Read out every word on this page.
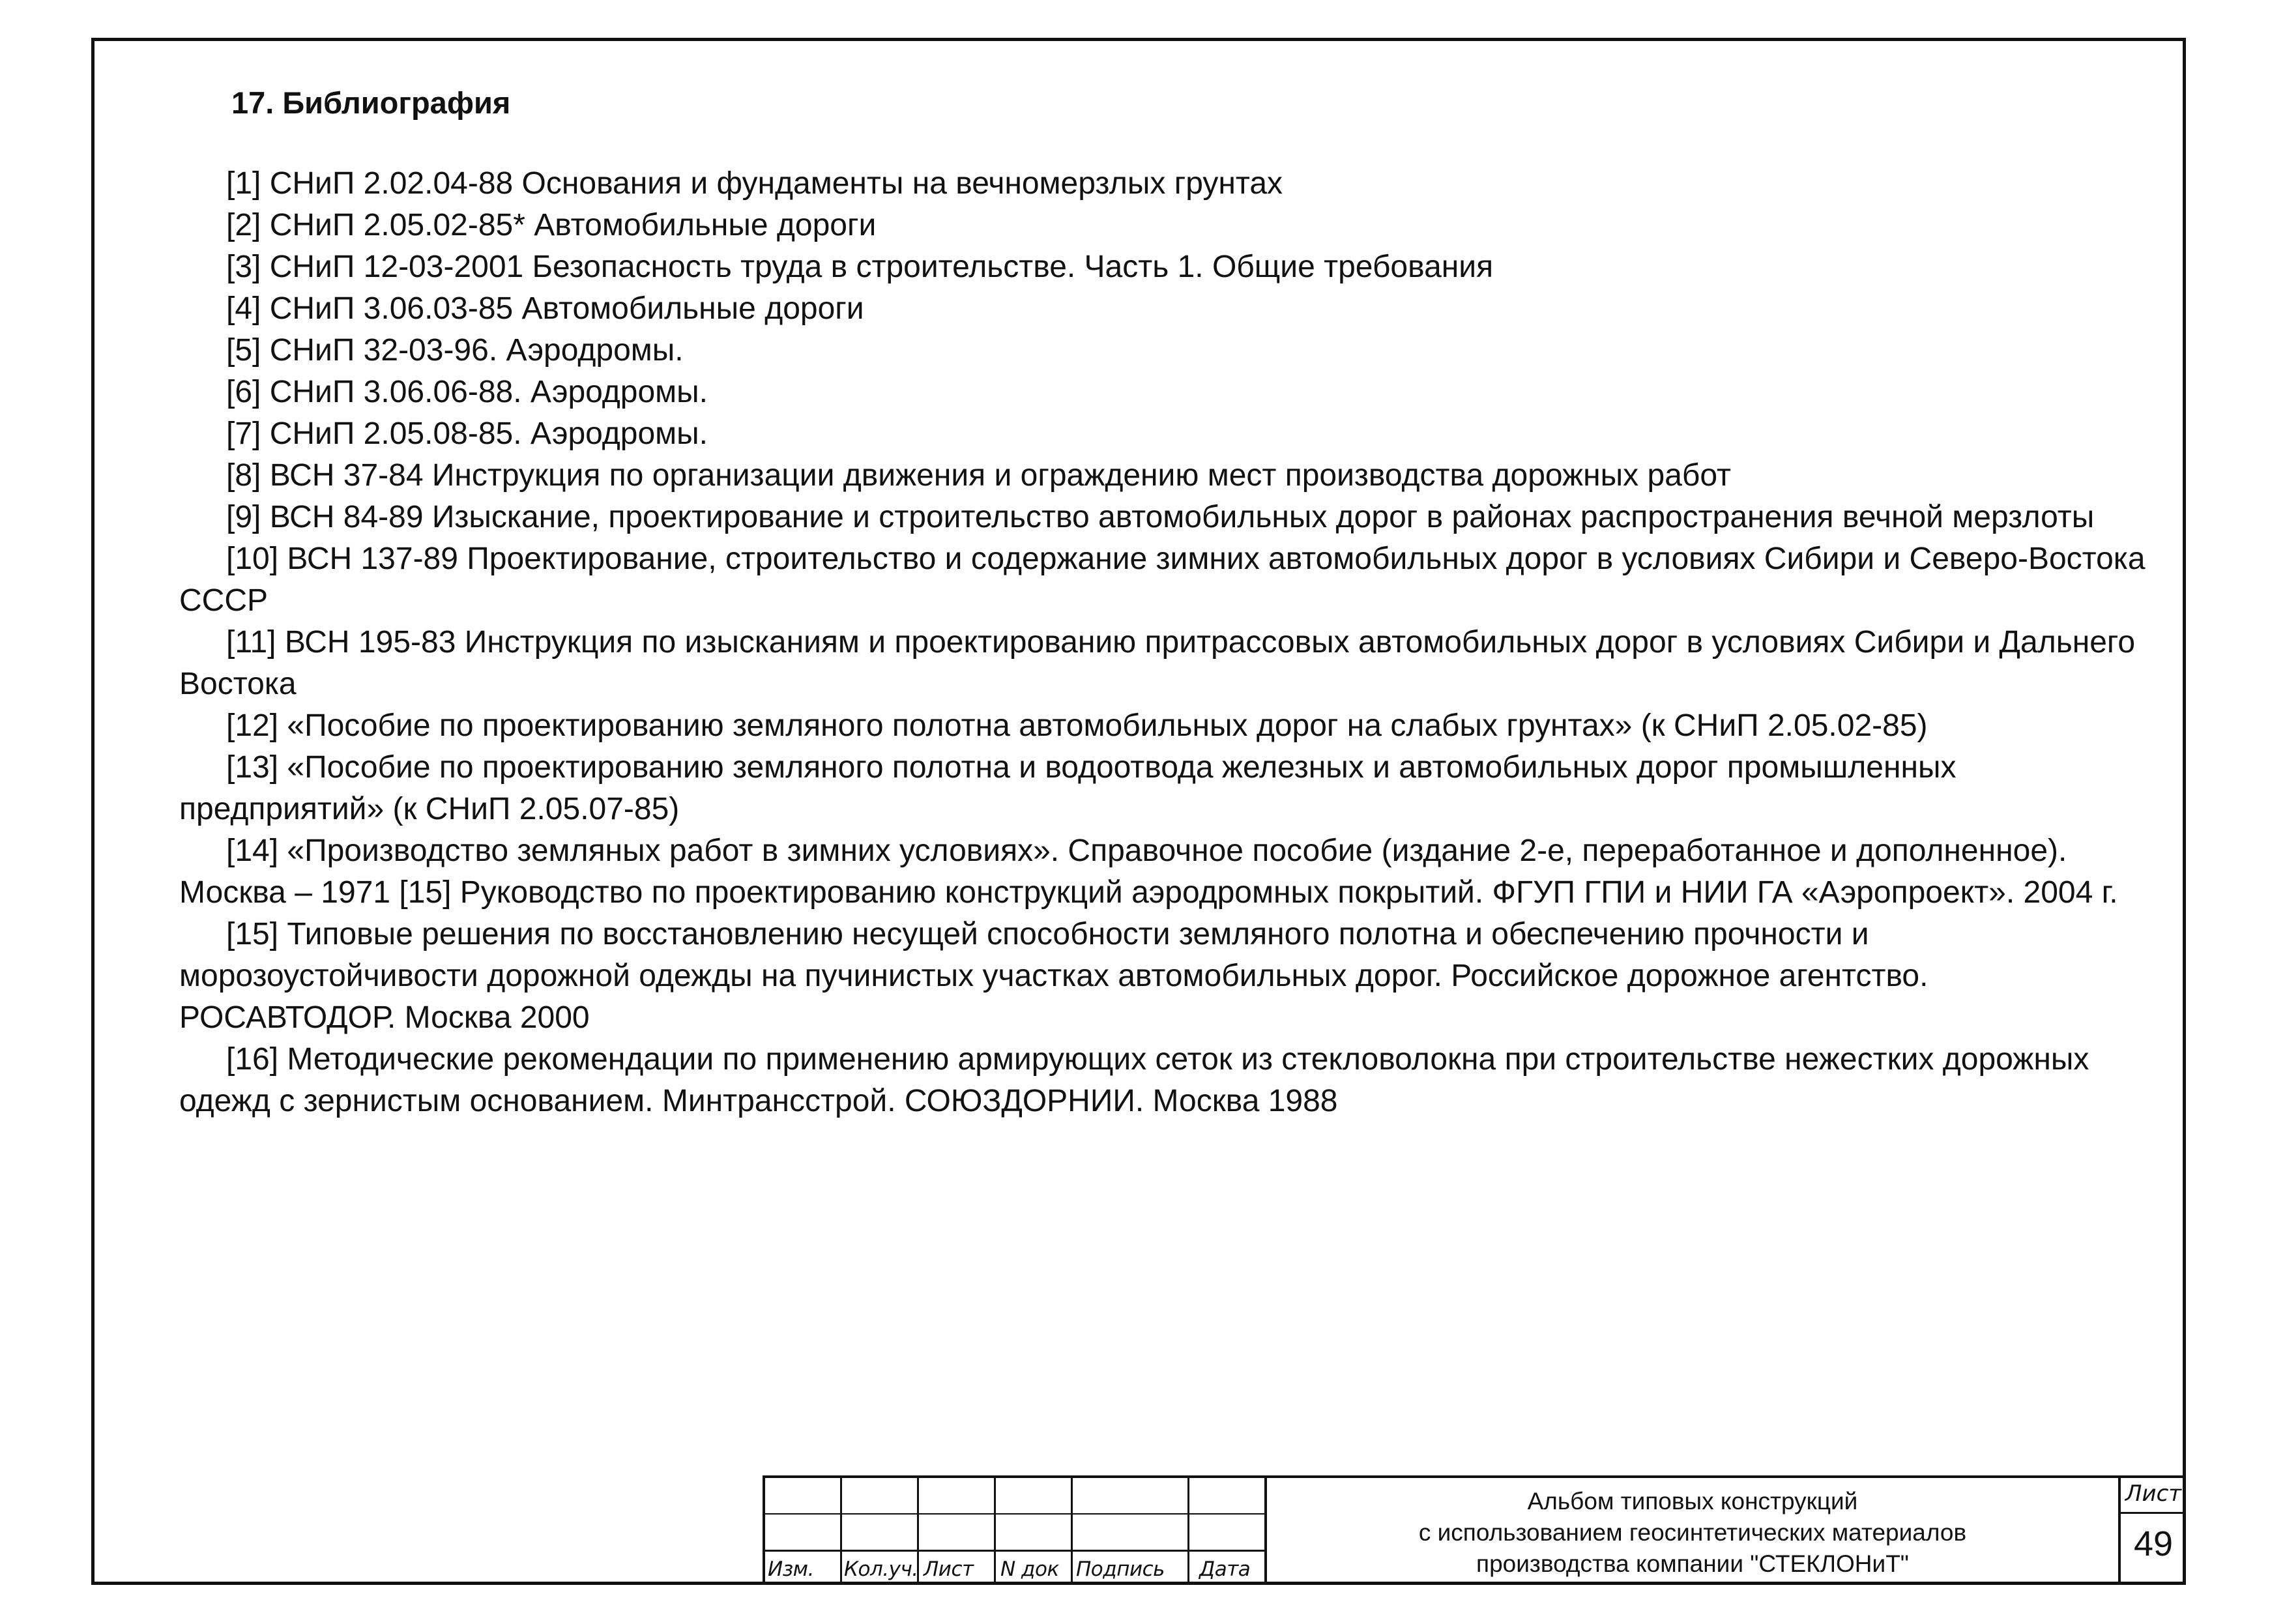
17. Библиография

[1] СНиП 2.02.04-88 Основания и фундаменты на вечномерзлых грунтах

[2] СНиП 2.05.02-85* Автомобильные дороги

[3] СНиП 12-03-2001 Безопасность труда в строительстве. Часть 1. Общие требования

[4] СНиП 3.06.03-85 Автомобильные дороги

[5] СНиП 32-03-96. Аэродромы.

[6] СНиП 3.06.06-88. Аэродромы.

[7] СНиП 2.05.08-85. Аэродромы.

[8] ВСН 37-84 Инструкция по организации движения и ограждению мест производства дорожных работ

[9] ВСН 84-89 Изыскание, проектирование и строительство автомобильных дорог в районах распространения вечной мерзлоты

[10] ВСН 137-89 Проектирование, строительство и содержание зимних автомобильных дорог в условиях Сибири и Северо-Востока СССР

[11] ВСН 195-83 Инструкция по изысканиям и проектированию притрассовых автомобильных дорог в условиях Сибири и Дальнего Востока

[12] «Пособие по проектированию земляного полотна автомобильных дорог на слабых грунтах» (к СНиП 2.05.02-85)

[13] «Пособие по проектированию земляного полотна и водоотвода железных и автомобильных дорог промышленных предприятий» (к СНиП 2.05.07-85)

[14] «Производство земляных работ в зимних условиях». Справочное пособие (издание 2-е, переработанное и дополненное). Москва – 1971 [15] Руководство по проектированию конструкций аэродромных покрытий. ФГУП ГПИ и НИИ ГА «Аэропроект». 2004 г.

[15] Типовые решения по восстановлению несущей способности земляного полотна и обеспечению прочности и морозоустойчивости дорожной одежды на пучинистых участках автомобильных дорог. Российское дорожное агентство. РОСАВТОДОР. Москва 2000

[16] Методические рекомендации по применению армирующих сеток из стекловолокна при строительстве нежестких дорожных одежд с зернистым основанием. Минтрансстрой. СОЮЗДОРНИИ. Москва 1988

Изм. Кол.уч. Лист N док Подпись Дата
Альбом типовых конструкций
с использованием геосинтетических материалов
производства компании "СТЕКЛОНиТ"
Лист
49
